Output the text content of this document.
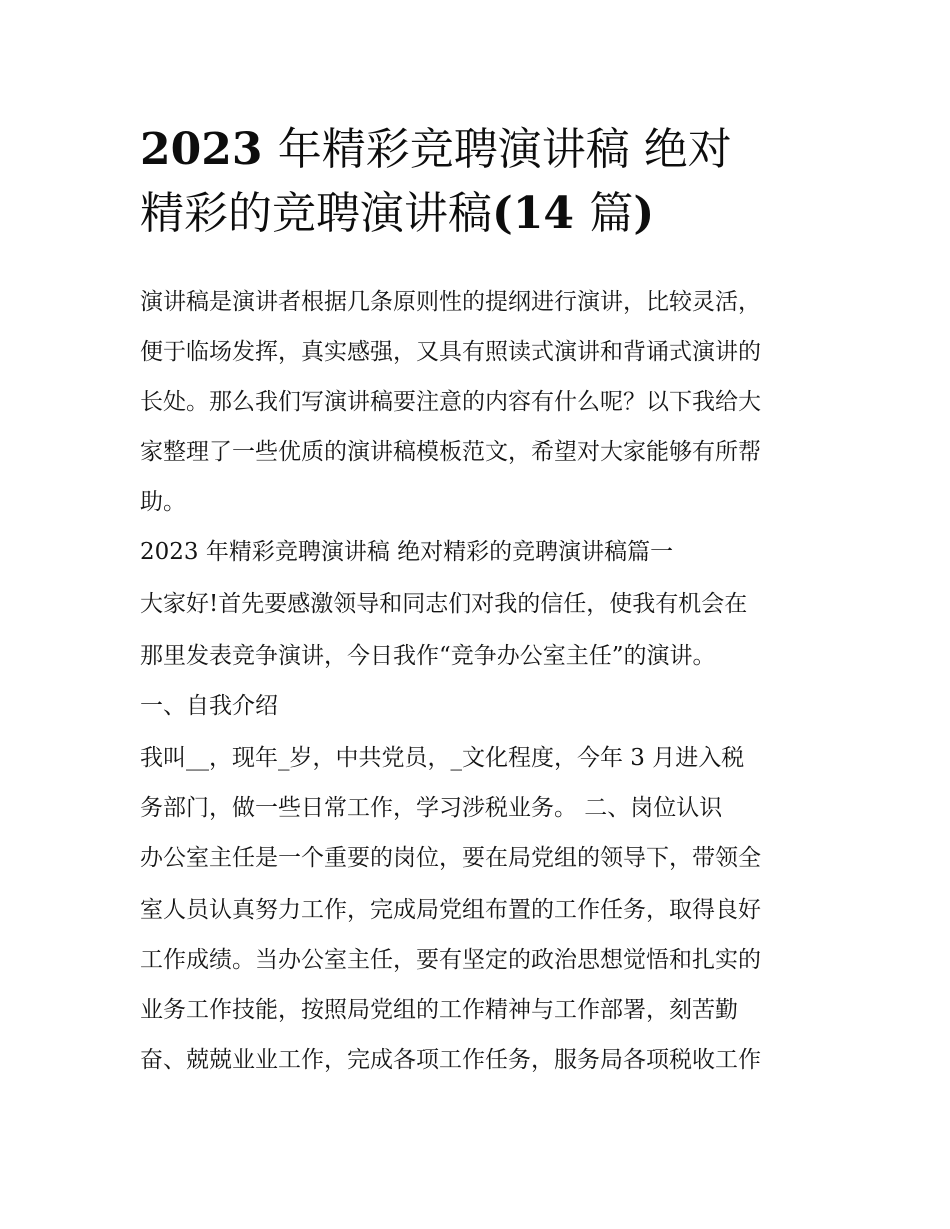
2023 年精彩竞聘演讲稿 绝对
精彩的竞聘演讲稿(14 篇)
演讲稿是演讲者根据几条原则性的提纲进行演讲，比较灵活，
便于临场发挥，真实感强，又具有照读式演讲和背诵式演讲的
长处。那么我们写演讲稿要注意的内容有什么呢？以下我给大
家整理了一些优质的演讲稿模板范文，希望对大家能够有所帮
助。
2023 年精彩竞聘演讲稿 绝对精彩的竞聘演讲稿篇一
大家好!首先要感激领导和同志们对我的信任，使我有机会在
那里发表竞争演讲，今日我作“竞争办公室主任”的演讲。
一、自我介绍
我叫__，现年_岁，中共党员，_文化程度，今年 3 月进入税
务部门，做一些日常工作，学习涉税业务。 二、岗位认识
办公室主任是一个重要的岗位，要在局党组的领导下，带领全
室人员认真努力工作，完成局党组布置的工作任务，取得良好
工作成绩。当办公室主任，要有坚定的政治思想觉悟和扎实的
业务工作技能，按照局党组的工作精神与工作部署，刻苦勤
奋、兢兢业业工作，完成各项工作任务，服务局各项税收工作
